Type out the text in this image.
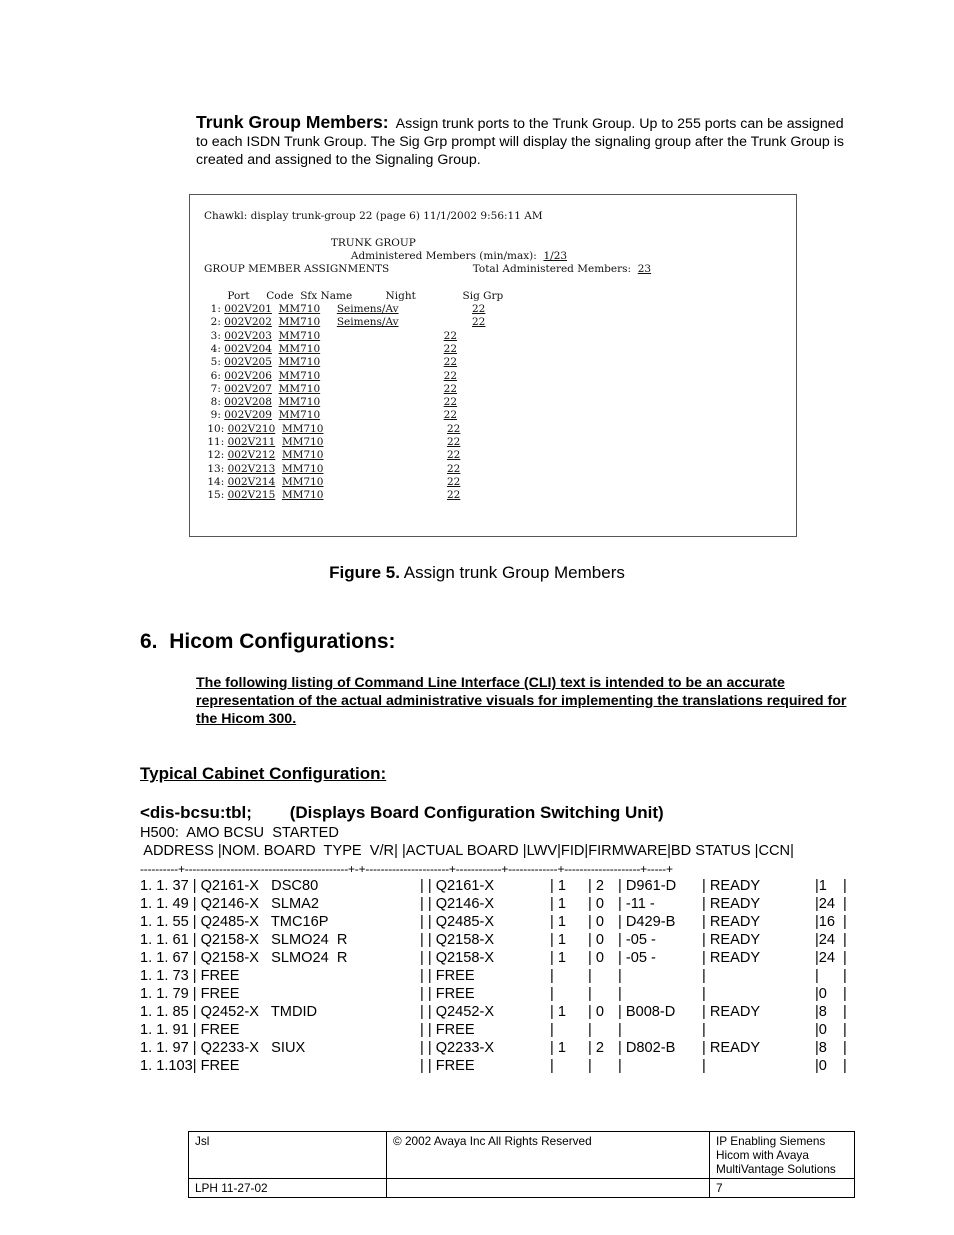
Trunk Group Members: Assign trunk ports to the Trunk Group. Up to 255 ports can be assigned to each ISDN Trunk Group. The Sig Grp prompt will display the signaling group after the Trunk Group is created and assigned to the Signaling Group.
Chawkl: display trunk-group 22 (page 6) 11/1/2002 9:56:11 AM

TRUNK GROUP
Administered Members (min/max):  1/23
GROUP MEMBER ASSIGNMENTS                         Total Administered Members:  23

Port     Code  Sfx Name          Night              Sig Grp
1: 002V201 MM710 Seimens/Av	22
2: 002V202 MM710 Seimens/Av	22
3: 002V203 MM710	22
4: 002V204 MM710	22
5: 002V205 MM710	22
6: 002V206 MM710	22
7: 002V207 MM710	22
8: 002V208 MM710	22
9: 002V209 MM710	22
10: 002V210 MM710	22
11: 002V211 MM710	22
12: 002V212 MM710	22
13: 002V213 MM710	22
14: 002V214 MM710	22
15: 002V215 MM710	22

Figure 5. Assign trunk Group Members
6. Hicom Configurations:
The following listing of Command Line Interface (CLI) text is intended to be an accurate representation of the actual administrative visuals for implementing the translations required for the Hicom 300.
Typical Cabinet Configuration:
<dis-bcsu:tbl;        (Displays Board Configuration Switching Unit)
H500:  AMO BCSU  STARTED
ADDRESS |NOM. BOARD  TYPE  V/R| |ACTUAL BOARD |LWV|FID|FIRMWARE|BD STATUS |CCN|
----------+-------------------------------------------+-+----------------------+------------+-------------+--------------------+-----+
1. 1. 37 | Q2161-X   DSC80	| | Q2161-X	| 1 | 2 | D961-D | READY	|1 |
1. 1. 49 | Q2146-X   SLMA2	| | Q2146-X	| 1 | 0 | -11 -	| READY	|24 |
1. 1. 55 | Q2485-X   TMC16P	| | Q2485-X	| 1 | 0 | D429-B | READY	|16 |
1. 1. 61 | Q2158-X   SLMO24  R	| | Q2158-X	| 1 | 0 | -05 -	| READY	|24 |
1. 1. 67 | Q2158-X   SLMO24  R	| | Q2158-X	| 1 | 0 | -05 -	| READY	|24 |
1. 1. 73 | FREE	| | FREE	| | |	|	| |
1. 1. 79 | FREE	| | FREE	| | |	|	|0 |
1. 1. 85 | Q2452-X   TMDID	| | Q2452-X	| 1 | 0 | B008-D | READY	|8 |
1. 1. 91 | FREE	| | FREE	| | |	|	|0 |
1. 1. 97 | Q2233-X   SIUX	| | Q2233-X	| 1 | 2 | D802-B | READY	|8 |
1. 1.103| FREE	| | FREE	| | |	|	|0 |
Jsl	© 2002 Avaya Inc All Rights Reserved	IP Enabling Siemens Hicom with Avaya MultiVantage Solutions
LPH 11-27-02		7
